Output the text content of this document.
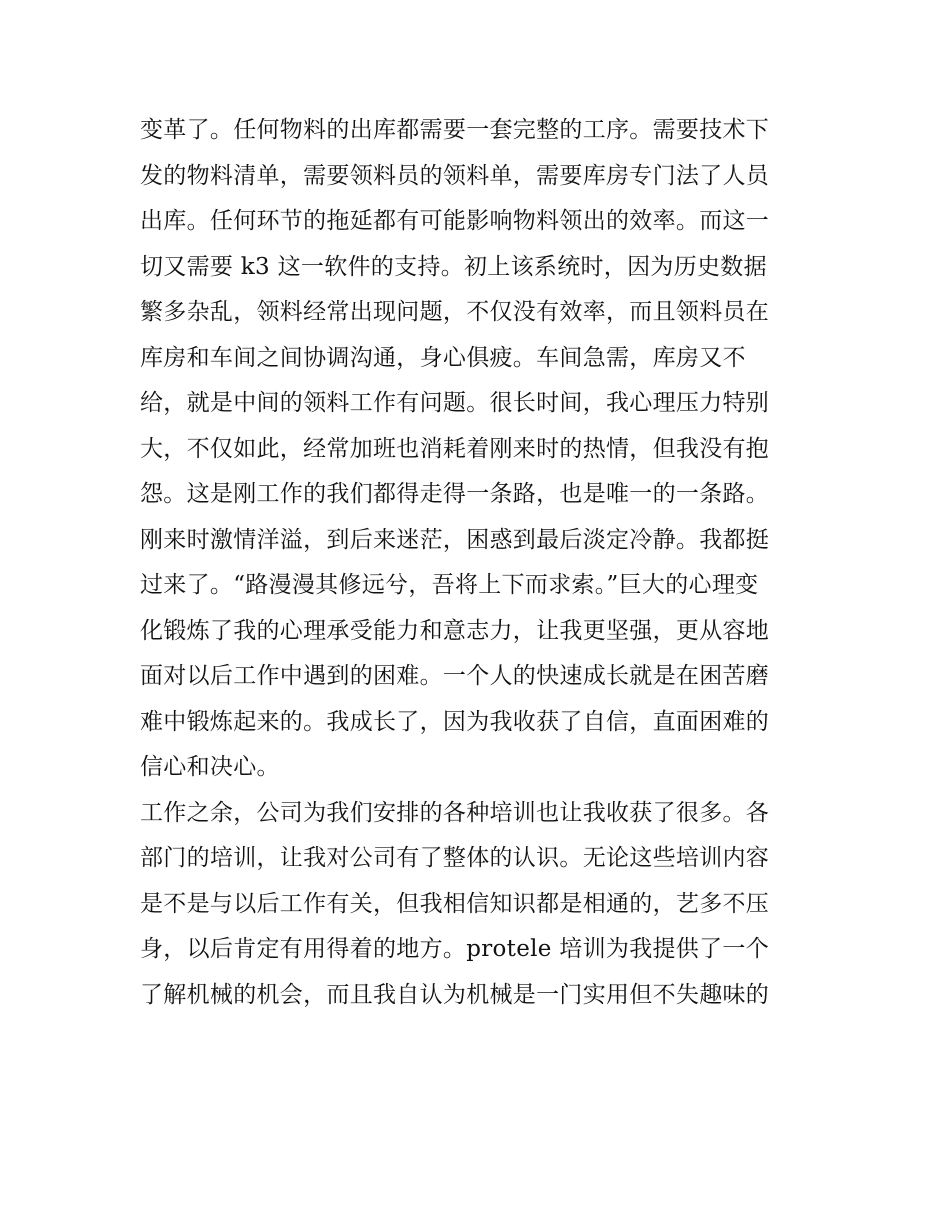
变革了。任何物料的出库都需要一套完整的工序。需要技术下
发的物料清单，需要领料员的领料单，需要库房专门法了人员
出库。任何环节的拖延都有可能影响物料领出的效率。而这一
切又需要 k3 这一软件的支持。初上该系统时，因为历史数据
繁多杂乱，领料经常出现问题，不仅没有效率，而且领料员在
库房和车间之间协调沟通，身心俱疲。车间急需，库房又不
给，就是中间的领料工作有问题。很长时间，我心理压力特别
大，不仅如此，经常加班也消耗着刚来时的热情，但我没有抱
怨。这是刚工作的我们都得走得一条路，也是唯一的一条路。
刚来时激情洋溢，到后来迷茫，困惑到最后淡定冷静。我都挺
过来了。“路漫漫其修远兮，吾将上下而求索。”巨大的心理变
化锻炼了我的心理承受能力和意志力，让我更坚强，更从容地
面对以后工作中遇到的困难。一个人的快速成长就是在困苦磨
难中锻炼起来的。我成长了，因为我收获了自信，直面困难的
信心和决心。
工作之余，公司为我们安排的各种培训也让我收获了很多。各
部门的培训，让我对公司有了整体的认识。无论这些培训内容
是不是与以后工作有关，但我相信知识都是相通的，艺多不压
身，以后肯定有用得着的地方。protele 培训为我提供了一个
了解机械的机会，而且我自认为机械是一门实用但不失趣味的
